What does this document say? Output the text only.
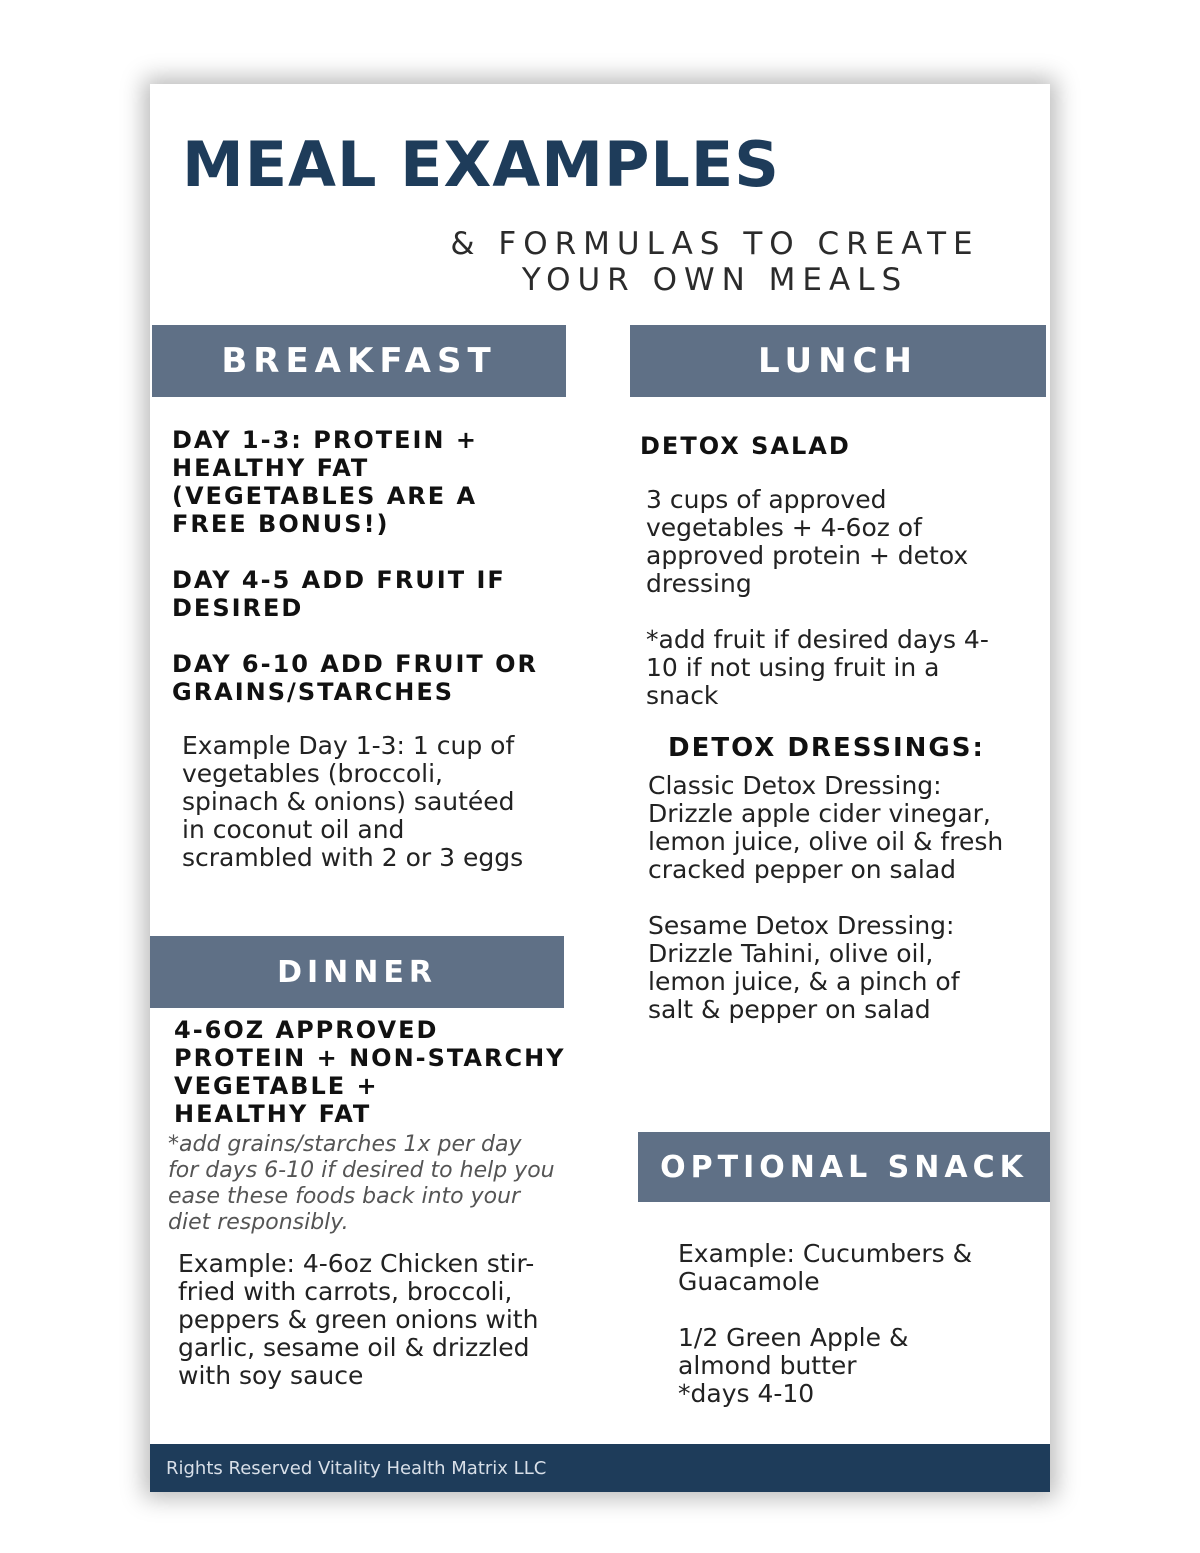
MEAL EXAMPLES
& FORMULAS TO CREATE
YOUR OWN MEALS
BREAKFAST

DAY 1-3: PROTEIN +
HEALTHY FAT
(VEGETABLES ARE A
FREE BONUS!)

DAY 4-5 ADD FRUIT IF
DESIRED

DAY 6-10 ADD FRUIT OR
GRAINS/STARCHES

Example Day 1-3: 1 cup of
vegetables (broccoli,
spinach & onions) sautéed
in coconut oil and
scrambled with 2 or 3 eggs

LUNCH

DETOX SALAD

3 cups of approved
vegetables + 4-6oz of
approved protein + detox
dressing

*add fruit if desired days 4-
10 if not using fruit in a
snack

DETOX DRESSINGS:

Classic Detox Dressing:
Drizzle apple cider vinegar,
lemon juice, olive oil & fresh
cracked pepper on salad

Sesame Detox Dressing:
Drizzle Tahini, olive oil,
lemon juice, & a pinch of
salt & pepper on salad

DINNER

4-6OZ APPROVED
PROTEIN + NON-STARCHY
VEGETABLE +
HEALTHY FAT

*add grains/starches 1x per day
for days 6-10 if desired to help you
ease these foods back into your
diet responsibly.

Example: 4-6oz Chicken stir-
fried with carrots, broccoli,
peppers & green onions with
garlic, sesame oil & drizzled
with soy sauce

OPTIONAL SNACK

Example: Cucumbers &
Guacamole

1/2 Green Apple &
almond butter
*days 4-10

Rights Reserved Vitality Health Matrix LLC
